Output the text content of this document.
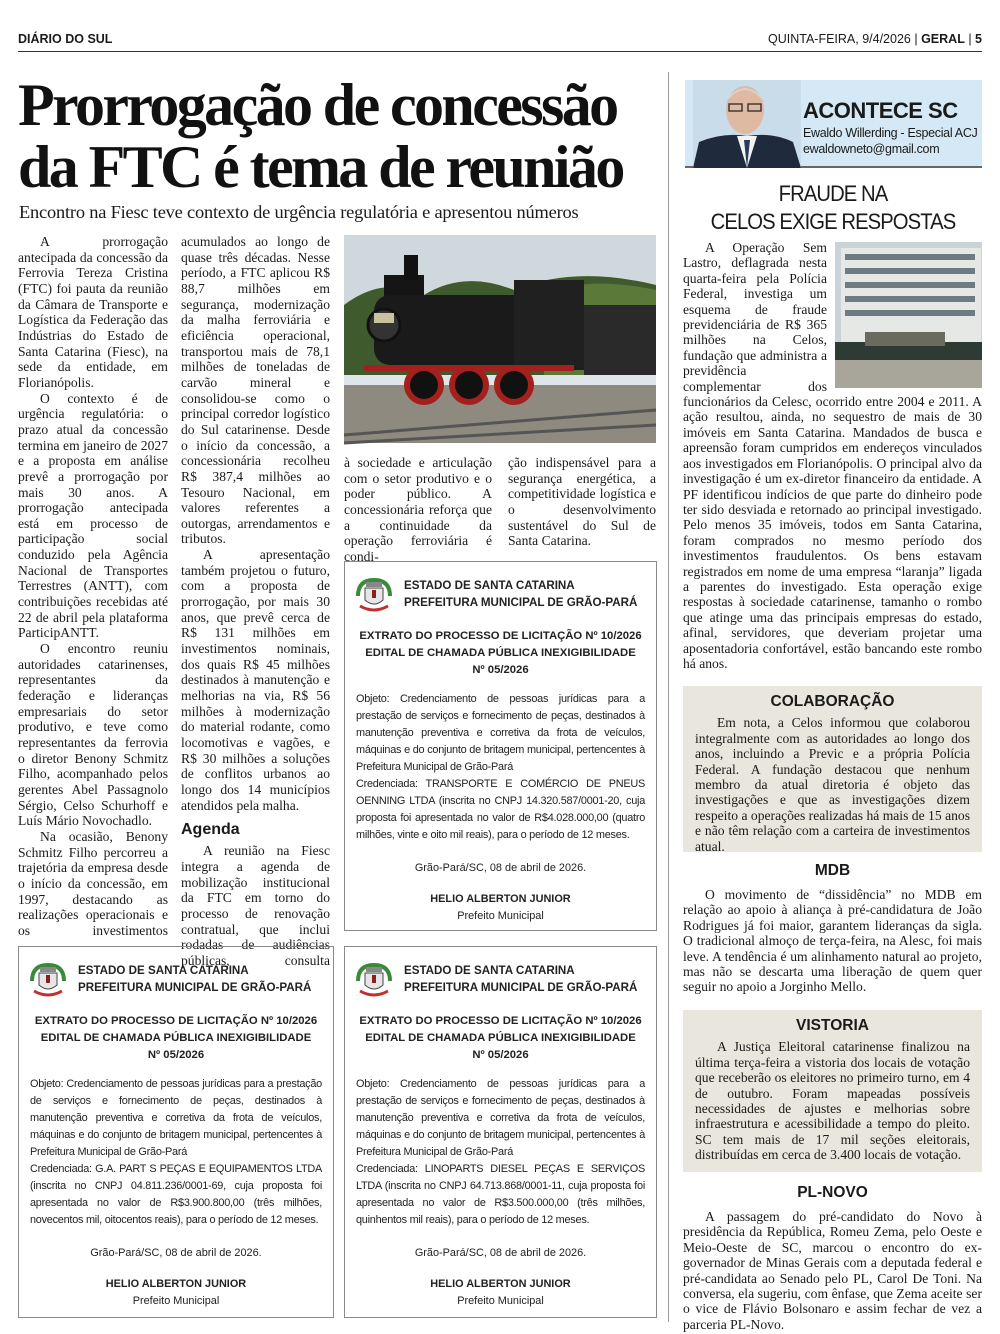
DIÁRIO DO SUL	QUINTA-FEIRA, 9/4/2026 | GERAL | 5
Prorrogação de concessão
da FTC é tema de reunião
Encontro na Fiesc teve contexto de urgência regulatória e apresentou números

A prorrogação antecipada da concessão da Ferrovia Tereza Cristina (FTC) foi pauta da reunião da Câmara de Transporte e Logística da Federação das Indústrias do Estado de Santa Catarina (Fiesc), na sede da entidade, em Florianópolis.

O contexto é de urgência regulatória: o prazo atual da concessão termina em janeiro de 2027 e a proposta em análise prevê a prorrogação por mais 30 anos. A prorrogação antecipada está em processo de participação social conduzido pela Agência Nacional de Transportes Terrestres (ANTT), com contribuições recebidas até 22 de abril pela plataforma ParticipANTT.

O encontro reuniu autoridades catarinenses, representantes da federação e lideranças empresariais do setor produtivo, e teve como representantes da ferrovia o diretor Benony Schmitz Filho, acompanhado pelos gerentes Abel Passagnolo Sérgio, Celso Schurhoff e Luís Mário Novochadlo.

Na ocasião, Benony Schmitz Filho percorreu a trajetória da empresa desde o início da concessão, em 1997, destacando as realizações operacionais e os investimentos

acumulados ao longo de quase três décadas. Nesse período, a FTC aplicou R$ 88,7 milhões em segurança, modernização da malha ferroviária e eficiência operacional, transportou mais de 78,1 milhões de toneladas de carvão mineral e consolidou-se como o principal corredor logístico do Sul catarinense. Desde o início da concessão, a concessionária recolheu R$ 387,4 milhões ao Tesouro Nacional, em valores referentes a outorgas, arrendamentos e tributos.

A apresentação também projetou o futuro, com a proposta de prorrogação, por mais 30 anos, que prevê cerca de R$ 131 milhões em investimentos nominais, dos quais R$ 45 milhões destinados à manutenção e melhorias na via, R$ 56 milhões à modernização do material rodante, como locomotivas e vagões, e R$ 30 milhões a soluções de conflitos urbanos ao longo dos 14 municípios atendidos pela malha.

Agenda

A reunião na Fiesc integra a agenda de mobilização institucional da FTC em torno do processo de renovação contratual, que inclui rodadas de audiências públicas, consulta

à sociedade e articulação com o setor produtivo e o poder público. A concessionária reforça que a continuidade da operação ferroviária é condi-

ção indispensável para a segurança energética, a competitividade logística e o desenvolvimento sustentável do Sul de Santa Catarina.

ESTADO DE SANTA CATARINA
PREFEITURA MUNICIPAL DE GRÃO-PARÁ
EXTRATO DO PROCESSO DE LICITAÇÃO Nº 10/2026
EDITAL DE CHAMADA PÚBLICA INEXIGIBILIDADE
Nº 05/2026
Objeto: Credenciamento de pessoas jurídicas para a prestação de serviços e fornecimento de peças, destinados à manutenção preventiva e corretiva da frota de veículos, máquinas e do conjunto de britagem municipal, pertencentes à Prefeitura Municipal de Grão-Pará
Credenciada: TRANSPORTE E COMÉRCIO DE PNEUS OENNING LTDA (inscrita no CNPJ 14.320.587/0001-20, cuja proposta foi apresentada no valor de R$4.028.000,00 (quatro milhões, vinte e oito mil reais), para o período de 12 meses.
Grão-Pará/SC, 08 de abril de 2026.
HELIO ALBERTON JUNIOR
Prefeito Municipal
ESTADO DE SANTA CATARINA
PREFEITURA MUNICIPAL DE GRÃO-PARÁ
EXTRATO DO PROCESSO DE LICITAÇÃO Nº 10/2026
EDITAL DE CHAMADA PÚBLICA INEXIGIBILIDADE
Nº 05/2026
Objeto: Credenciamento de pessoas jurídicas para a prestação de serviços e fornecimento de peças, destinados à manutenção preventiva e corretiva da frota de veículos, máquinas e do conjunto de britagem municipal, pertencentes à Prefeitura Municipal de Grão-Pará
Credenciada: G.A. PART S PEÇAS E EQUIPAMENTOS LTDA (inscrita no CNPJ 04.811.236/0001-69, cuja proposta foi apresentada no valor de R$3.900.800,00 (três milhões, novecentos mil, oitocentos reais), para o período de 12 meses.
Grão-Pará/SC, 08 de abril de 2026.
HELIO ALBERTON JUNIOR
Prefeito Municipal
ESTADO DE SANTA CATARINA
PREFEITURA MUNICIPAL DE GRÃO-PARÁ
EXTRATO DO PROCESSO DE LICITAÇÃO Nº 10/2026
EDITAL DE CHAMADA PÚBLICA INEXIGIBILIDADE
Nº 05/2026
Objeto: Credenciamento de pessoas jurídicas para a prestação de serviços e fornecimento de peças, destinados à manutenção preventiva e corretiva da frota de veículos, máquinas e do conjunto de britagem municipal, pertencentes à Prefeitura Municipal de Grão-Pará
Credenciada: LINOPARTS DIESEL PEÇAS E SERVIÇOS LTDA (inscrita no CNPJ 64.713.868/0001-11, cuja proposta foi apresentada no valor de R$3.500.000,00 (três milhões, quinhentos mil reais), para o período de 12 meses.
Grão-Pará/SC, 08 de abril de 2026.
HELIO ALBERTON JUNIOR
Prefeito Municipal
ACONTECE SC
Ewaldo Willerding - Especial ACJ
ewaldowneto@gmail.com
FRAUDE NA
CELOS EXIGE RESPOSTAS

A Operação Sem Lastro, deflagrada nesta quarta-feira pela Polícia Federal, investiga um esquema de fraude previdenciária de R$ 365 milhões na Celos, fundação que administra a previdência complementar dos funcionários da Celesc, ocorrido entre 2004 e 2011. A ação resultou, ainda, no sequestro de mais de 30 imóveis em Santa Catarina. Mandados de busca e apreensão foram cumpridos em endereços vinculados aos investigados em Florianópolis. O principal alvo da investigação é um ex-diretor financeiro da entidade. A PF identificou indícios de que parte do dinheiro pode ter sido desviada e retornado ao principal investigado. Pelo menos 35 imóveis, todos em Santa Catarina, foram comprados no mesmo período dos investimentos fraudulentos. Os bens estavam registrados em nome de uma empresa “laranja” ligada a parentes do investigado. Esta operação exige respostas à sociedade catarinense, tamanho o rombo que atinge uma das principais empresas do estado, afinal, servidores, que deveriam projetar uma aposentadoria confortável, estão bancando este rombo há anos.

COLABORAÇÃO

Em nota, a Celos informou que colaborou integralmente com as autoridades ao longo dos anos, incluindo a Previc e a própria Polícia Federal. A fundação destacou que nenhum membro da atual diretoria é objeto das investigações e que as investigações dizem respeito a operações realizadas há mais de 15 anos e não têm relação com a carteira de investimentos atual.

MDB

O movimento de “dissidência” no MDB em relação ao apoio à aliança à pré-candidatura de João Rodrigues já foi maior, garantem lideranças da sigla. O tradicional almoço de terça-feira, na Alesc, foi mais leve. A tendência é um alinhamento natural ao projeto, mas não se descarta uma liberação de quem quer seguir no apoio a Jorginho Mello.

VISTORIA

A Justiça Eleitoral catarinense finalizou na última terça-feira a vistoria dos locais de votação que receberão os eleitores no primeiro turno, em 4 de outubro. Foram mapeadas possíveis necessidades de ajustes e melhorias sobre infraestrutura e acessibilidade a tempo do pleito. SC tem mais de 17 mil seções eleitorais, distribuídas em cerca de 3.400 locais de votação.

PL-NOVO

A passagem do pré-candidato do Novo à presidência da República, Romeu Zema, pelo Oeste e Meio-Oeste de SC, marcou o encontro do ex-governador de Minas Gerais com a deputada federal e pré-candidata ao Senado pelo PL, Carol De Toni. Na conversa, ela sugeriu, com ênfase, que Zema aceite ser o vice de Flávio Bolsonaro e assim fechar de vez a parceria PL-Novo.
